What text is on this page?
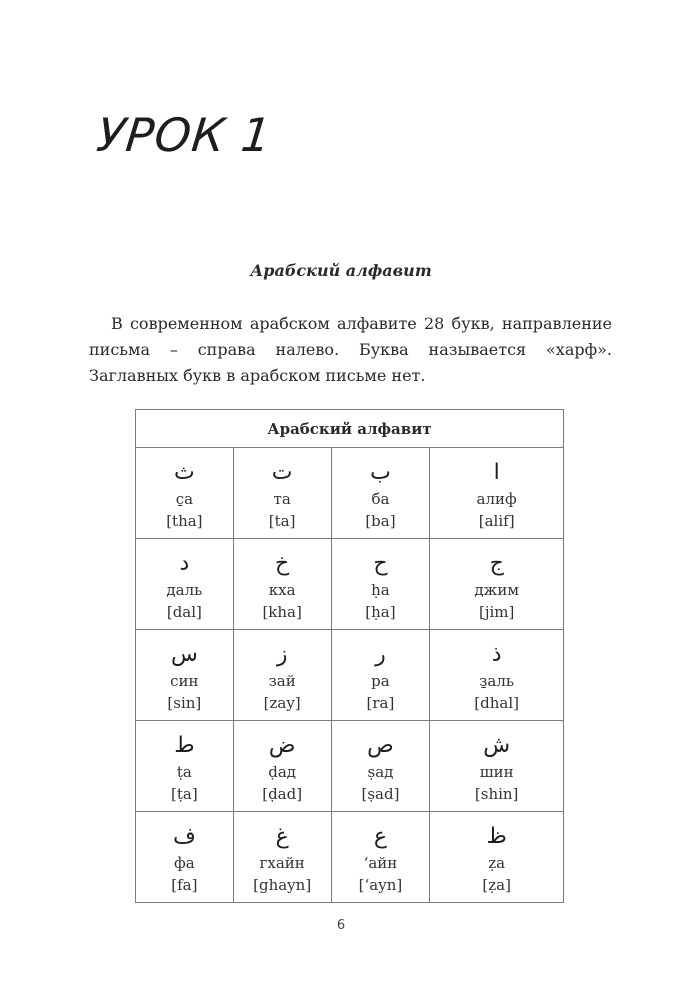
УРОК 1
Арабский алфавит

В современном арабском алфавите 28 букв, направление письма – справа налево. Буква называется «харф». Заглавных букв в арабском письме нет.

Арабский алфавит			

ث
c̱а
[tha]	ت
та
[ta]	ب
ба
[ba]	ا
алиф
[alif]

د
даль
[dal]	خ
кха
[kha]	ح
ḥа
[ḥa]	ج
джим
[jim]

س
син
[sin]	ز
зай
[zay]	ر
ра
[ra]	ذ
з̱аль
[dhal]

ط
ṭа
[ṭa]	ض
ḍад
[ḍad]	ص
ṣад
[ṣad]	ش
шин
[shin]

ف
фа
[fa]	غ
гхайн
[ghayn]	ع
ʻайн
[ʻayn]	ظ
ẓа
[ẓa]
6
